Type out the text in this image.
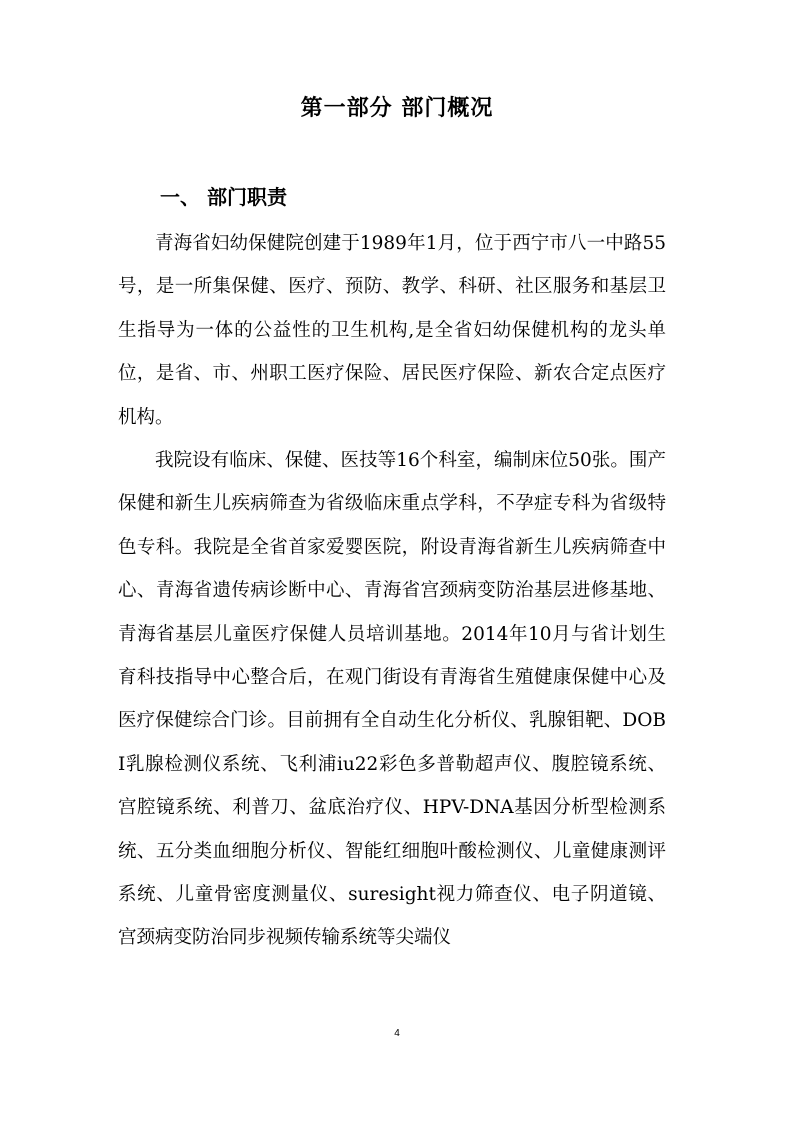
第一部分 部门概况
一、 部门职责

青海省妇幼保健院创建于1989年1月，位于西宁市八一中路55号，是一所集保健、医疗、预防、教学、科研、社区服务和基层卫生指导为一体的公益性的卫生机构,是全省妇幼保健机构的龙头单位，是省、市、州职工医疗保险、居民医疗保险、新农合定点医疗机构。

我院设有临床、保健、医技等16个科室，编制床位50张。围产保健和新生儿疾病筛查为省级临床重点学科，不孕症专科为省级特色专科。我院是全省首家爱婴医院，附设青海省新生儿疾病筛查中心、青海省遗传病诊断中心、青海省宫颈病变防治基层进修基地、青海省基层儿童医疗保健人员培训基地。2014年10月与省计划生育科技指导中心整合后，在观门街设有青海省生殖健康保健中心及医疗保健综合门诊。目前拥有全自动生化分析仪、乳腺钼靶、DOBI乳腺检测仪系统、飞利浦iu22彩色多普勒超声仪、腹腔镜系统、宫腔镜系统、利普刀、盆底治疗仪、HPV-DNA基因分析型检测系统、五分类血细胞分析仪、智能红细胞叶酸检测仪、儿童健康测评系统、儿童骨密度测量仪、suresight视力筛查仪、电子阴道镜、宫颈病变防治同步视频传输系统等尖端仪

4
